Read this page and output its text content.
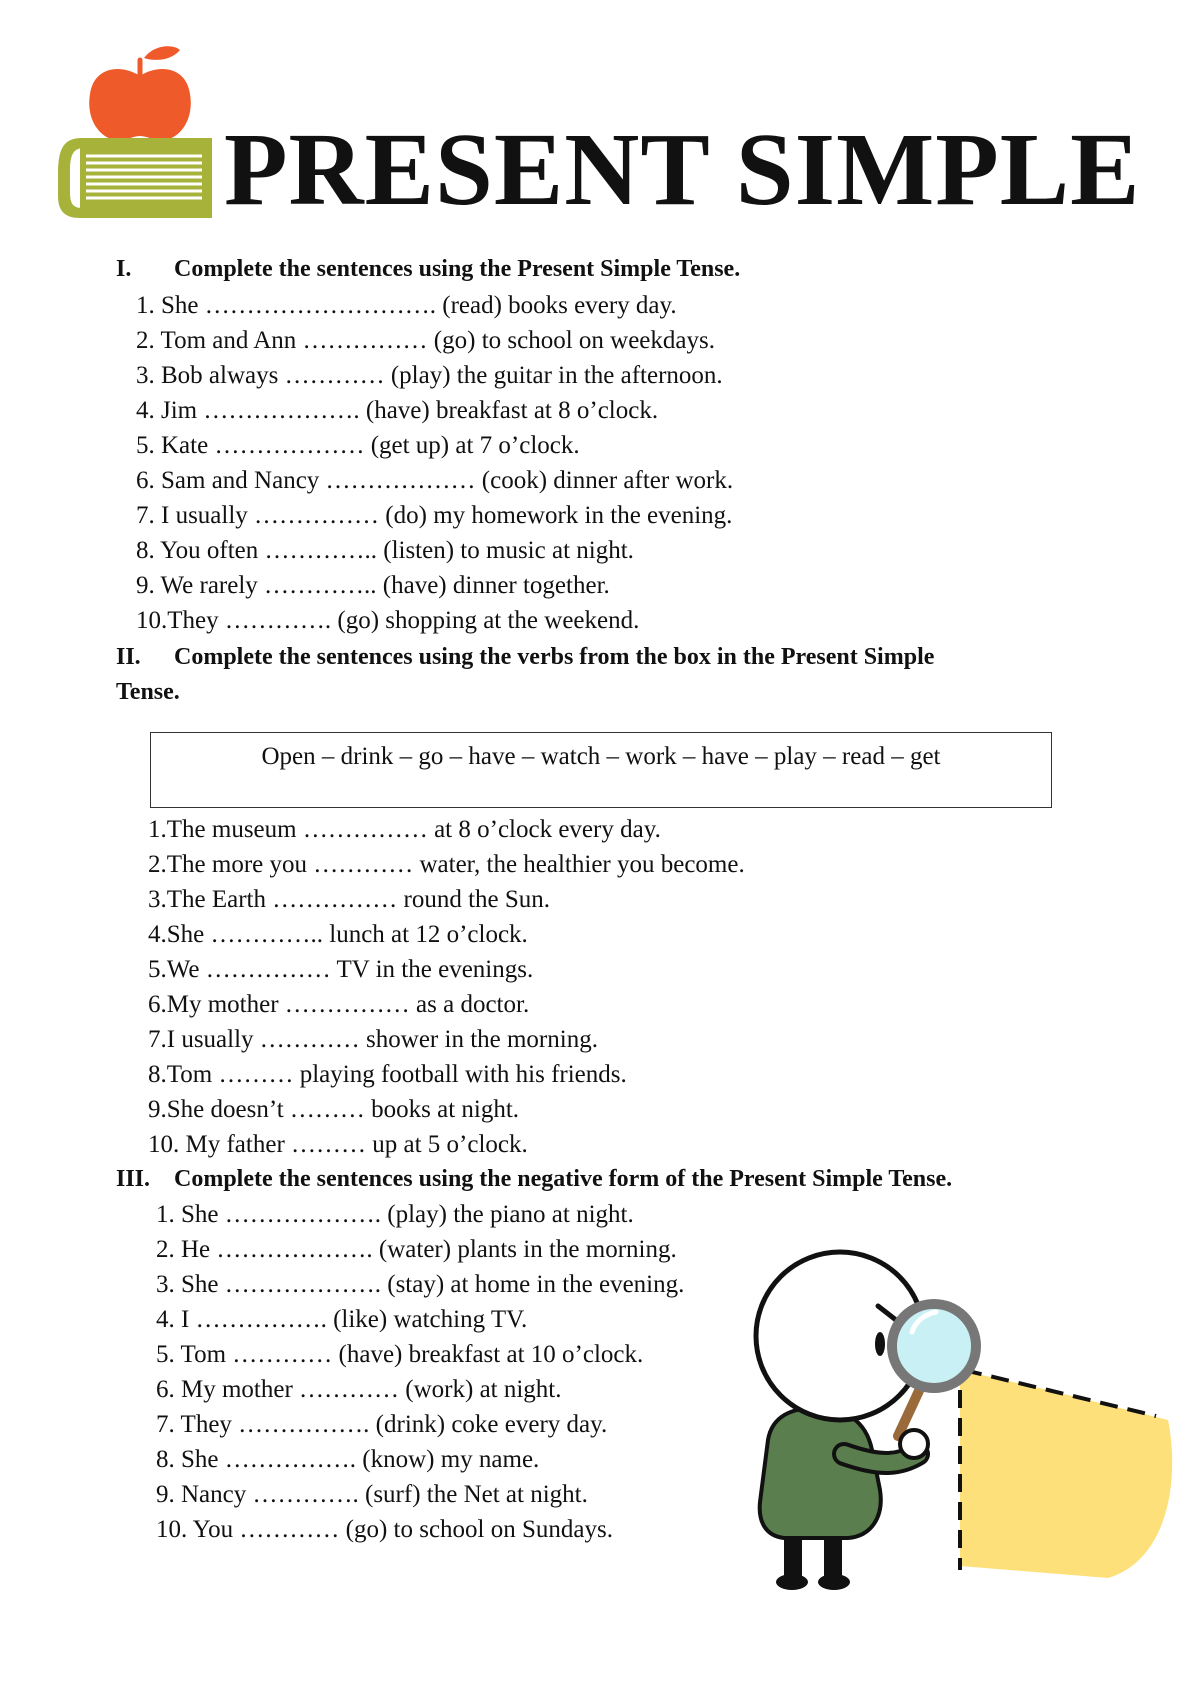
PRESENT SIMPLE
I. Complete the sentences using the Present Simple Tense.
1. She ………………………. (read) books every day.
2. Tom and Ann …………… (go) to school on weekdays.
3. Bob always ………… (play) the guitar in the afternoon.
4. Jim ………………. (have) breakfast at 8 o’clock.
5. Kate ……………… (get up) at 7 o’clock.
6. Sam and Nancy ……………… (cook) dinner after work.
7. I usually …………… (do) my homework in the evening.
8. You often ………….. (listen) to music at night.
9. We rarely ………….. (have) dinner together.
10.They …………. (go) shopping at the weekend.
II. Complete the sentences using the verbs from the box in the Present Simple
Tense.
Open – drink – go – have – watch – work – have – play – read – get
1.The museum …………… at 8 o’clock every day.
2.The more you ………… water, the healthier you become.
3.The Earth …………… round the Sun.
4.She ………….. lunch at 12 o’clock.
5.We …………… TV in the evenings.
6.My mother …………… as a doctor.
7.I usually ………… shower in the morning.
8.Tom ……… playing football with his friends.
9.She doesn’t ……… books at night.
10. My father ……… up at 5 o’clock.
III. Complete the sentences using the negative form of the Present Simple Tense.
1. She ………………. (play) the piano at night.
2. He ………………. (water) plants in the morning.
3. She ………………. (stay) at home in the evening.
4. I ……………. (like) watching TV.
5. Tom ………… (have) breakfast at 10 o’clock.
6. My mother ………… (work) at night.
7. They ……………. (drink) coke every day.
8. She ……………. (know) my name.
9. Nancy …………. (surf) the Net at night.
10. You ………… (go) to school on Sundays.
